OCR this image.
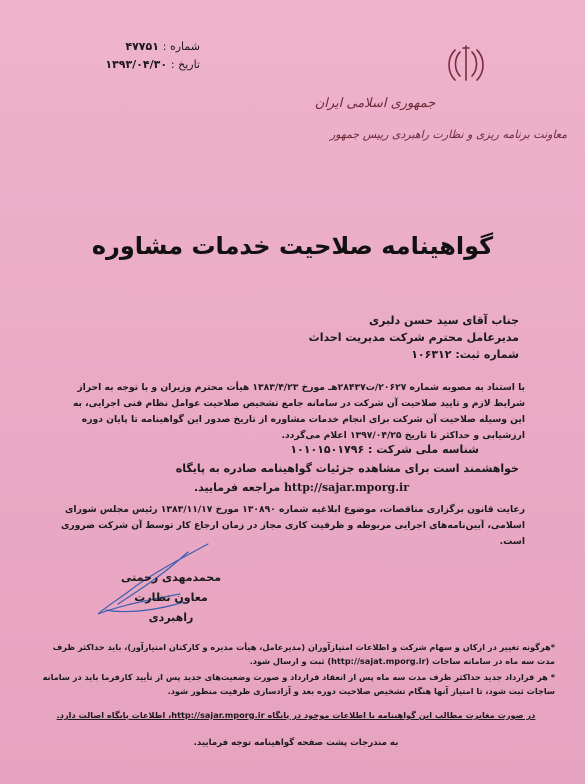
شماره : ۴۷۷۵۱
تاریخ : ۱۳۹۳/۰۴/۳۰
جمهوری اسلامی ایران
معاونت برنامه ریزی و نظارت راهبردی رییس جمهور
گواهینامه صلاحیت خدمات مشاوره
جناب آقای سید حسن دلبری
مدیرعامل محترم شرکت مدیریت احداث
شماره ثبت: ۱۰۶۳۱۲
با استناد به مصوبه شماره ۲۰۶۲۷/ت۲۸۴۳۷هـ مورخ ۱۳۸۳/۴/۲۳ هیأت محترم وزیران و با توجه به احراز شرایط لازم و تایید صلاحیت آن شرکت در سامانه جامع تشخیص صلاحیت عوامل نظام فنی اجرایی، به این وسیله صلاحیت آن شرکت برای انجام خدمات مشاوره از تاریخ صدور این گواهینامه تا پایان دوره ارزشیابی و حداکثر تا تاریخ ۱۳۹۷/۰۴/۲۵ اعلام می‌گردد.
شناسه ملی شرکت : ۱۰۱۰۱۵۰۱۷۹۶
خواهشمند است برای مشاهده جزئیات گواهینامه صادره به پایگاه
http://sajar.mporg.ir مراجعه فرمایید.
رعایت قانون برگزاری مناقصات، موضوع ابلاغیه شماره ۱۳۰۸۹۰ مورخ ۱۳۸۳/۱۱/۱۷ رئیس مجلس شورای اسلامی، آیین‌نامه‌های اجرایی مربوطه و ظرفیت کاری مجاز در زمان ارجاع کار توسط آن شرکت ضروری است.
محمدمهدی رحمتی
معاون نظارت راهبردی
*هرگونه تغییر در ارکان و سهام شرکت و اطلاعات امتیازآوران (مدیرعامل، هیأت مدیره و کارکنان امتیازآور)، باید حداکثر ظرف مدت سه ماه در سامانه ساجات (http://sajat.mporg.ir) ثبت و ارسال شود.
* هر قرارداد جدید حداکثر ظرف مدت سه ماه پس از انعقاد قرارداد و صورت وضعیت‌های جدید پس از تأیید کارفرما باید در سامانه ساجات ثبت شود، تا امتیاز آنها هنگام تشخیص صلاحیت دوره بعد و آزادسازی ظرفیت منظور شود.
در صورت مغایرت مطالب این گواهینامه با اطلاعات موجود در پایگاه http://sajar.mporg.ir، اطلاعات پایگاه اصالت دارد.
به مندرجات پشت صفحه گواهینامه توجه فرمایید.
